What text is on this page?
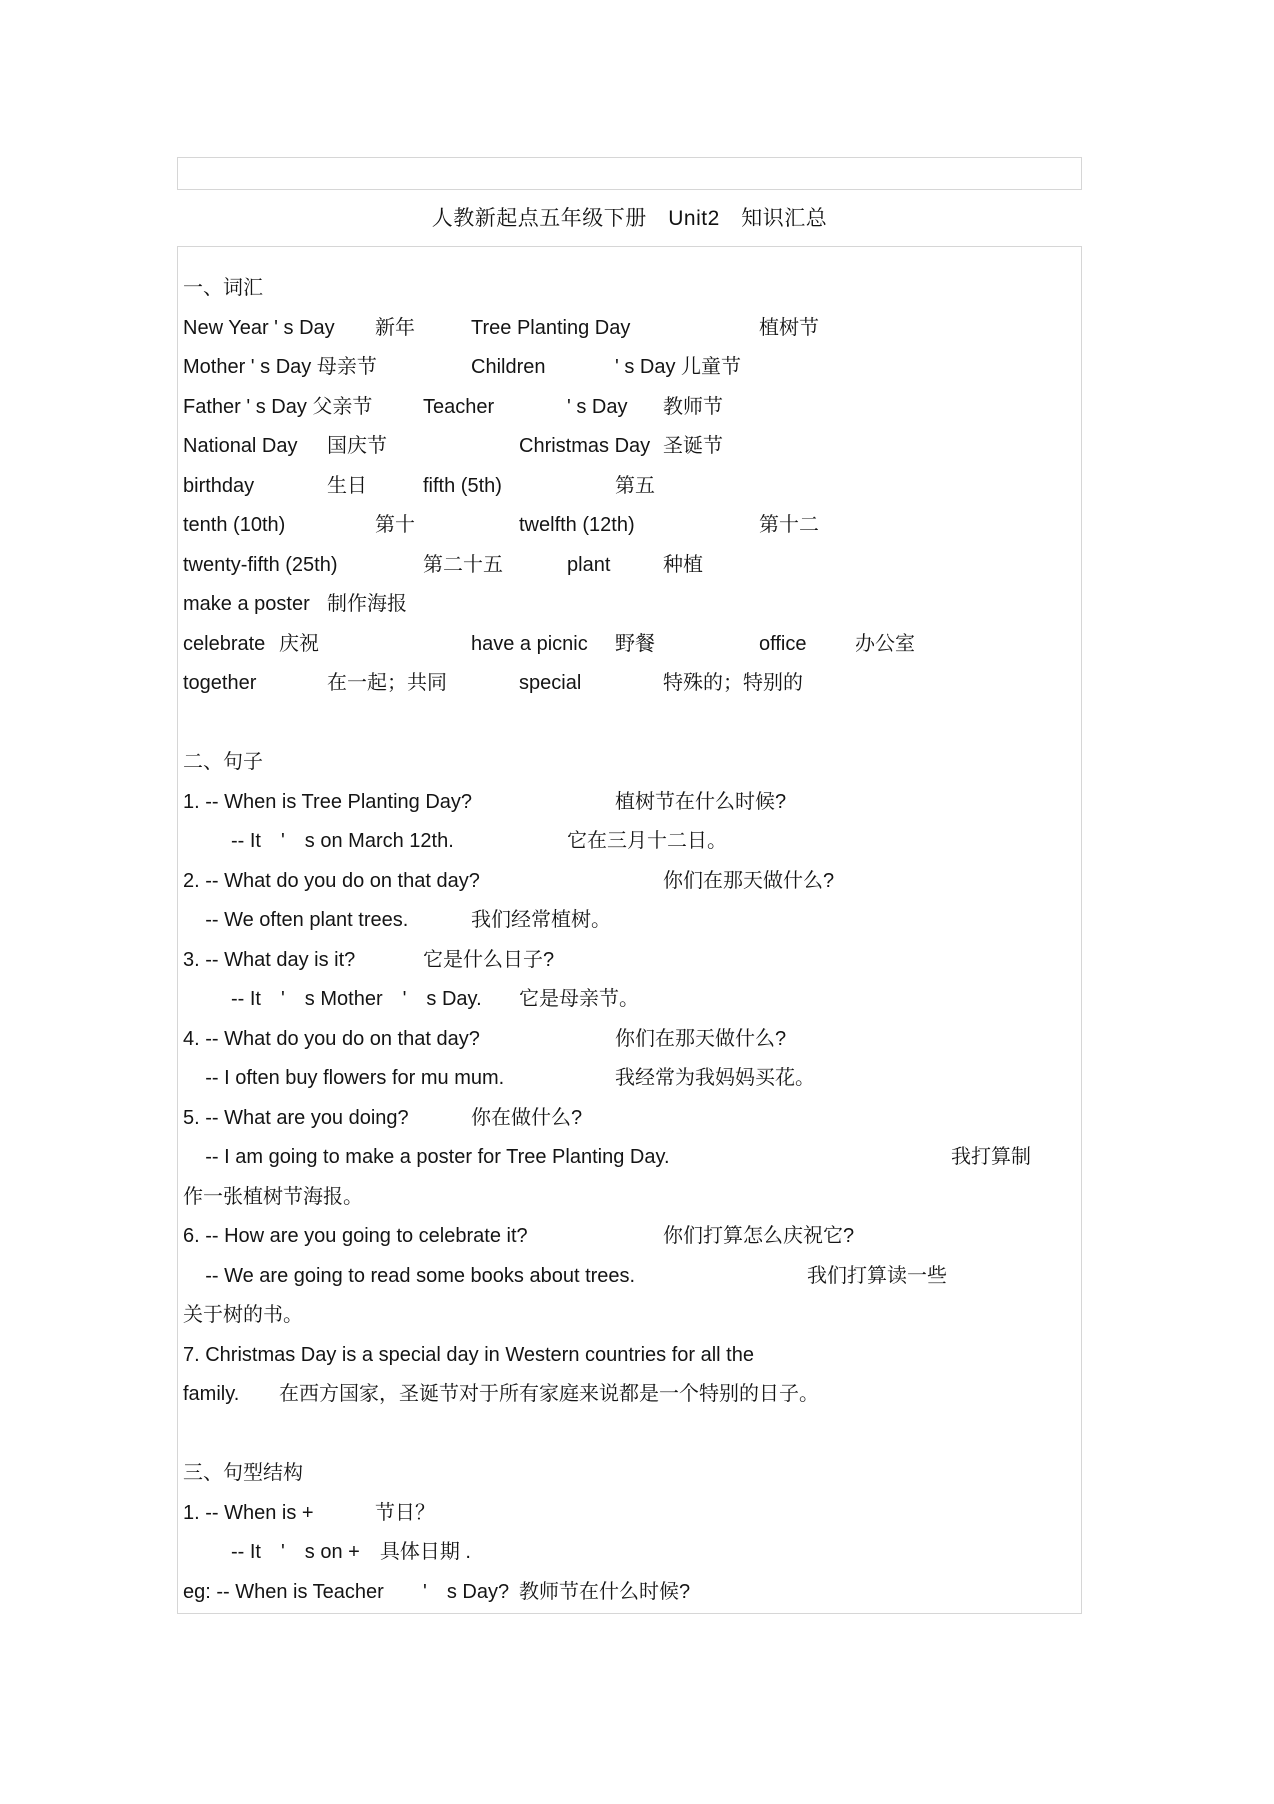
人教新起点五年级下册　Unit2　知识汇总
一、词汇
New Year ' s Day	新年		Tree Planting Day			植树节
Mother ' s Day 母亲节		Children		' s Day 儿童节
Father ' s Day 父亲节	Teacher		' s Day	教师节
National Day	国庆节			Christmas Day	圣诞节
birthday		生日		fifth (5th)			第五
tenth (10th)		第十			twelfth (12th)			第十二
twenty-fifth (25th)		第二十五		plant		种植
make a poster	制作海报
celebrate	庆祝				have a picnic	野餐			office	办公室
together		在一起；共同		special		特殊的；特别的
二、句子
1. -- When is Tree Planting Day?			植树节在什么时候?
	-- It　'　s on March 12th.			它在三月十二日。
2. -- What do you do on that day?				你们在那天做什么?
-- We often plant trees.		我们经常植树。
3. -- What day is it?		它是什么日子?
	-- It　'　s Mother　'　s Day.	它是母亲节。
4. -- What do you do on that day?			你们在那天做什么?
-- I often buy flowers for mu mum.			我经常为我妈妈买花。
5. -- What are you doing?		你在做什么?
-- I am going to make a poster for Tree Planting Day.						我打算制
作一张植树节海报。
6. -- How are you going to celebrate it?			你们打算怎么庆祝它?
-- We are going to read some books about trees.				我们打算读一些
关于树的书。
7. Christmas Day is a special day in Western countries for all the
family.	在西方国家，圣诞节对于所有家庭来说都是一个特别的日子。
三、句型结构
1. -- When is +		节日？
	-- It　'　s on +　具体日期 .
eg: -- When is Teacher	'　s Day?	教师节在什么时候?
